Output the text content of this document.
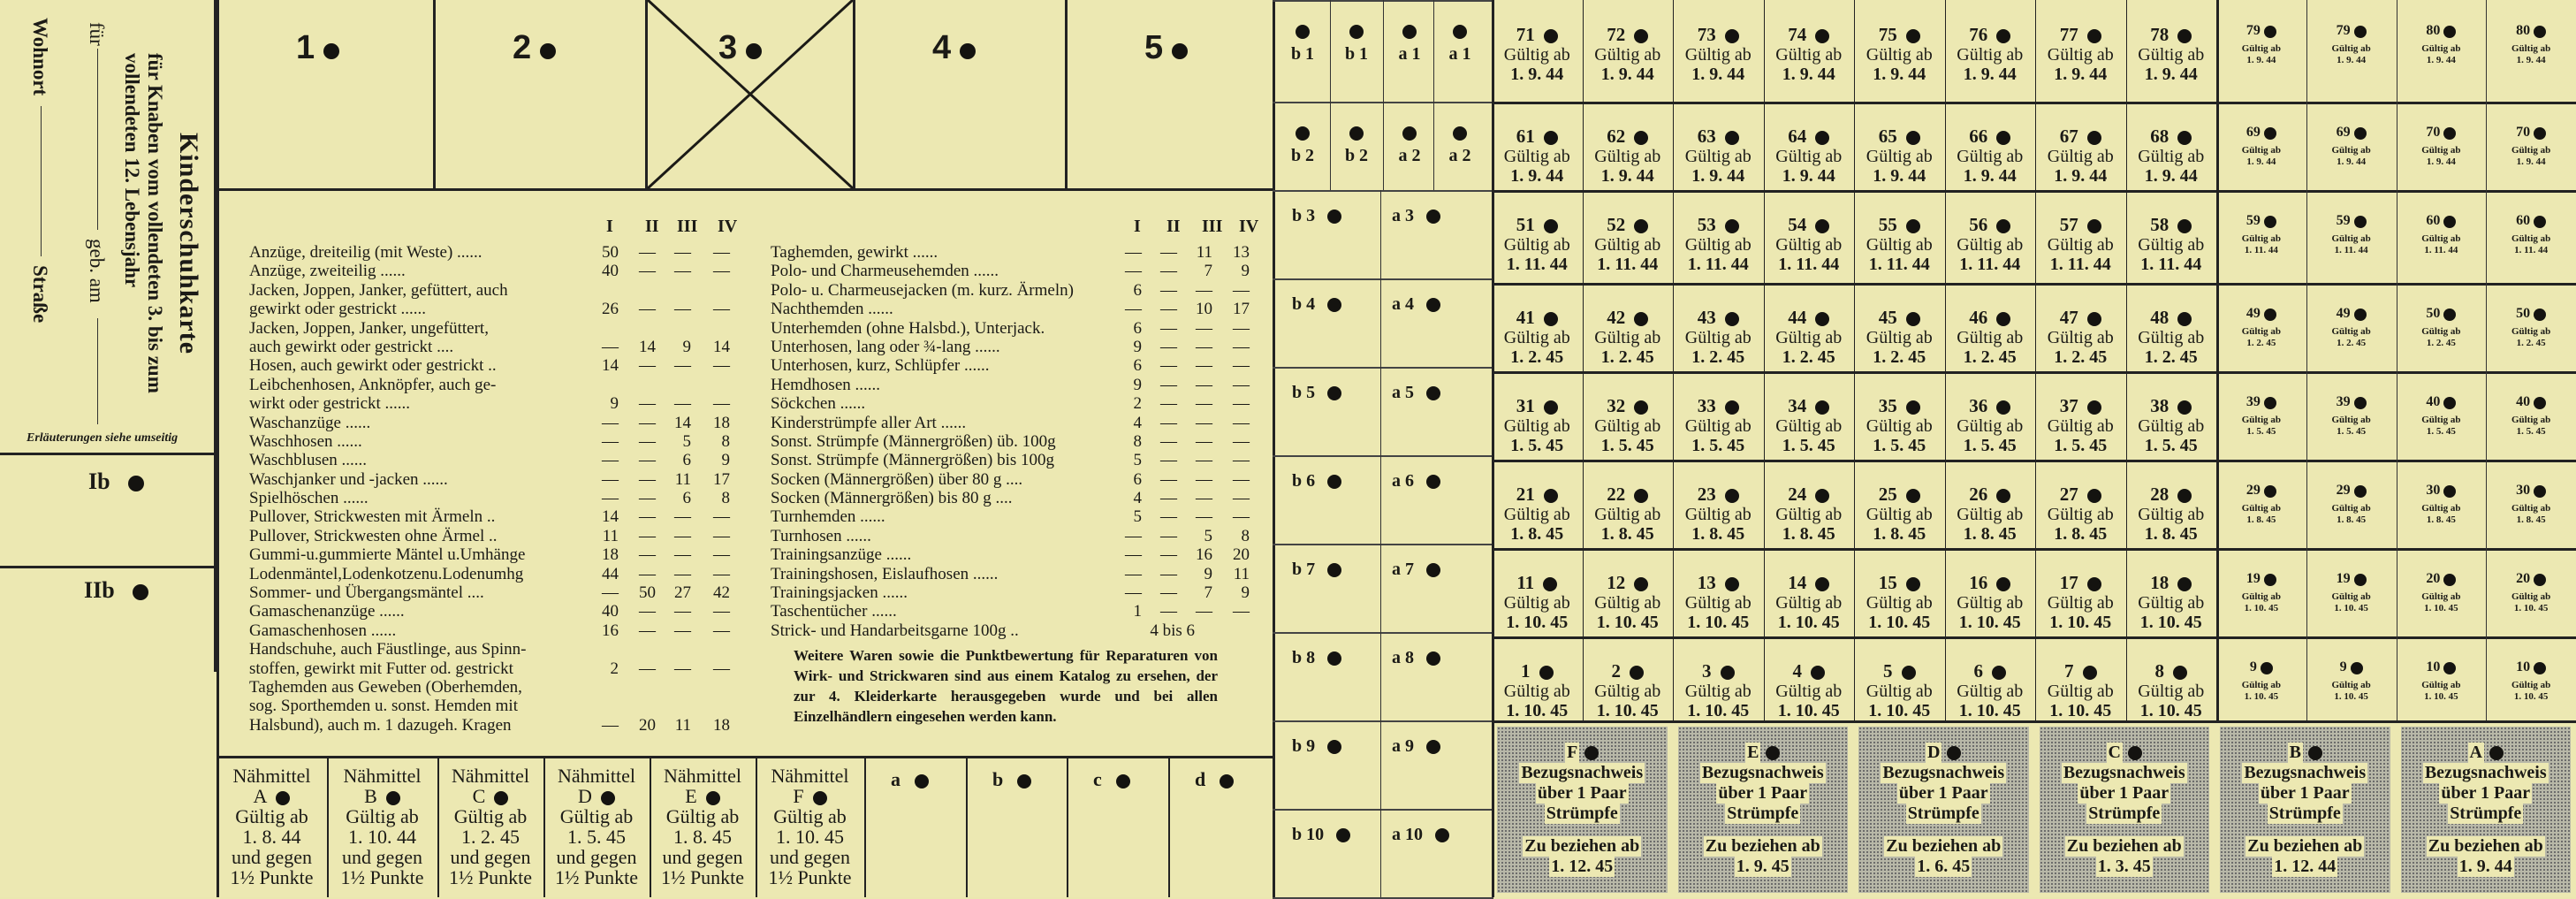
Kinderschuhkarte
für Knaben vom vollendeten 3. bis zum
vollendeten 12. Lebensjahr
für
geb. am
Wohnort
Straße
Erläuterungen siehe umseitig
Ib
IIb
1	2	3	4	5
I II III IV	I II III IV
Anzüge, dreiteilig (mit Weste) ......	50	—	—	—
Anzüge, zweiteilig ......	40	—	—	—
Jacken, Joppen, Janker, gefüttert, auch
gewirkt oder gestrickt ......	26	—	—	—
Jacken, Joppen, Janker, ungefüttert,
auch gewirkt oder gestrickt ....	—	14	9	14
Hosen, auch gewirkt oder gestrickt ..	14	—	—	—
Leibchenhosen, Anknöpfer, auch ge-
wirkt oder gestrickt ......	9	—	—	—
Waschanzüge ......	—	—	14	18
Waschhosen ......	—	—	5	8
Waschblusen ......	—	—	6	9
Waschjanker und -jacken ......	—	—	11	17
Spielhöschen ......	—	—	6	8
Pullover, Strickwesten mit Ärmeln ..	14	—	—	—
Pullover, Strickwesten ohne Ärmel ..	11	—	—	—
Gummi-u.gummierte Mäntel u.Umhänge	18	—	—	—
Lodenmäntel,Lodenkotzenu.Lodenumhg	44	—	—	—
Sommer- und Übergangsmäntel ....	—	50	27	42
Gamaschenanzüge ......	40	—	—	—
Gamaschenhosen ......	16	—	—	—
Handschuhe, auch Fäustlinge, aus Spinn-
stoffen, gewirkt mit Futter od. gestrickt	2	—	—	—
Taghemden aus Geweben (Oberhemden,
sog. Sporthemden u. sonst. Hemden mit
Halsbund), auch m. 1 dazugeh. Kragen	—	20	11	18
Taghemden, gewirkt ......	—	—	11	13
Polo- und Charmeusehemden ......	—	—	7	9
Polo- u. Charmeusejacken (m. kurz. Ärmeln)	6	—	—	—
Nachthemden ......	—	—	10	17
Unterhemden (ohne Halsbd.), Unterjack.	6	—	—	—
Unterhosen, lang oder ¾-lang ......	9	—	—	—
Unterhosen, kurz, Schlüpfer ......	6	—	—	—
Hemdhosen ......	9	—	—	—
Söckchen ......	2	—	—	—
Kinderstrümpfe aller Art ......	4	—	—	—
Sonst. Strümpfe (Männergrößen) üb. 100g	8	—	—	—
Sonst. Strümpfe (Männergrößen) bis 100g	5	—	—	—
Socken (Männergrößen) über 80 g ....	6	—	—	—
Socken (Männergrößen) bis 80 g ....	4	—	—	—
Turnhemden ......	5	—	—	—
Turnhosen ......	—	—	5	8
Trainingsanzüge ......	—	—	16	20
Trainingshosen, Eislaufhosen ......	—	—	9	11
Trainingsjacken ......	—	—	7	9
Taschentücher ......	1	—	—	—
Strick- und Handarbeitsgarne 100g ..	4 bis 6
Weitere Waren sowie die Punktbewertung für Reparaturen von Wirk- und Strickwaren sind aus einem Katalog zu ersehen, der zur 4. Kleiderkarte herausgegeben wurde und bei allen Einzelhändlern eingesehen werden kann.
Nähmittel
A
Gültig ab
1. 8. 44
und gegen
1½ Punkte
Nähmittel
B
Gültig ab
1. 10. 44
und gegen
1½ Punkte
Nähmittel
C
Gültig ab
1. 2. 45
und gegen
1½ Punkte
Nähmittel
D
Gültig ab
1. 5. 45
und gegen
1½ Punkte
Nähmittel
E
Gültig ab
1. 8. 45
und gegen
1½ Punkte
Nähmittel
F
Gültig ab
1. 10. 45
und gegen
1½ Punkte
a	b	c	d

b 1	b 1	a 1	a 1

b 2	b 2	a 2	a 2
b 3	a 3
b 4	a 4
b 5	a 5
b 6	a 6
b 7	a 7
b 8	a 8
b 9	a 9
b 10	a 10
71
Gültig ab
1. 9. 44
72
Gültig ab
1. 9. 44
73
Gültig ab
1. 9. 44
74
Gültig ab
1. 9. 44
75
Gültig ab
1. 9. 44
76
Gültig ab
1. 9. 44
77
Gültig ab
1. 9. 44
78
Gültig ab
1. 9. 44
79
Gültig ab
1. 9. 44
79
Gültig ab
1. 9. 44
80
Gültig ab
1. 9. 44
80
Gültig ab
1. 9. 44
61
Gültig ab
1. 9. 44
62
Gültig ab
1. 9. 44
63
Gültig ab
1. 9. 44
64
Gültig ab
1. 9. 44
65
Gültig ab
1. 9. 44
66
Gültig ab
1. 9. 44
67
Gültig ab
1. 9. 44
68
Gültig ab
1. 9. 44
69
Gültig ab
1. 9. 44
69
Gültig ab
1. 9. 44
70
Gültig ab
1. 9. 44
70
Gültig ab
1. 9. 44
51
Gültig ab
1. 11. 44
52
Gültig ab
1. 11. 44
53
Gültig ab
1. 11. 44
54
Gültig ab
1. 11. 44
55
Gültig ab
1. 11. 44
56
Gültig ab
1. 11. 44
57
Gültig ab
1. 11. 44
58
Gültig ab
1. 11. 44
59
Gültig ab
1. 11. 44
59
Gültig ab
1. 11. 44
60
Gültig ab
1. 11. 44
60
Gültig ab
1. 11. 44
41
Gültig ab
1. 2. 45
42
Gültig ab
1. 2. 45
43
Gültig ab
1. 2. 45
44
Gültig ab
1. 2. 45
45
Gültig ab
1. 2. 45
46
Gültig ab
1. 2. 45
47
Gültig ab
1. 2. 45
48
Gültig ab
1. 2. 45
49
Gültig ab
1. 2. 45
49
Gültig ab
1. 2. 45
50
Gültig ab
1. 2. 45
50
Gültig ab
1. 2. 45
31
Gültig ab
1. 5. 45
32
Gültig ab
1. 5. 45
33
Gültig ab
1. 5. 45
34
Gültig ab
1. 5. 45
35
Gültig ab
1. 5. 45
36
Gültig ab
1. 5. 45
37
Gültig ab
1. 5. 45
38
Gültig ab
1. 5. 45
39
Gültig ab
1. 5. 45
39
Gültig ab
1. 5. 45
40
Gültig ab
1. 5. 45
40
Gültig ab
1. 5. 45
21
Gültig ab
1. 8. 45
22
Gültig ab
1. 8. 45
23
Gültig ab
1. 8. 45
24
Gültig ab
1. 8. 45
25
Gültig ab
1. 8. 45
26
Gültig ab
1. 8. 45
27
Gültig ab
1. 8. 45
28
Gültig ab
1. 8. 45
29
Gültig ab
1. 8. 45
29
Gültig ab
1. 8. 45
30
Gültig ab
1. 8. 45
30
Gültig ab
1. 8. 45
11
Gültig ab
1. 10. 45
12
Gültig ab
1. 10. 45
13
Gültig ab
1. 10. 45
14
Gültig ab
1. 10. 45
15
Gültig ab
1. 10. 45
16
Gültig ab
1. 10. 45
17
Gültig ab
1. 10. 45
18
Gültig ab
1. 10. 45
19
Gültig ab
1. 10. 45
19
Gültig ab
1. 10. 45
20
Gültig ab
1. 10. 45
20
Gültig ab
1. 10. 45
1
Gültig ab
1. 10. 45
2
Gültig ab
1. 10. 45
3
Gültig ab
1. 10. 45
4
Gültig ab
1. 10. 45
5
Gültig ab
1. 10. 45
6
Gültig ab
1. 10. 45
7
Gültig ab
1. 10. 45
8
Gültig ab
1. 10. 45
9
Gültig ab
1. 10. 45
9
Gültig ab
1. 10. 45
10
Gültig ab
1. 10. 45
10
Gültig ab
1. 10. 45
F
Bezugsnachweis
über 1 Paar
Strümpfe
Zu beziehen ab
1. 12. 45
E
Bezugsnachweis
über 1 Paar
Strümpfe
Zu beziehen ab
1. 9. 45
D
Bezugsnachweis
über 1 Paar
Strümpfe
Zu beziehen ab
1. 6. 45
C
Bezugsnachweis
über 1 Paar
Strümpfe
Zu beziehen ab
1. 3. 45
B
Bezugsnachweis
über 1 Paar
Strümpfe
Zu beziehen ab
1. 12. 44
A
Bezugsnachweis
über 1 Paar
Strümpfe
Zu beziehen ab
1. 9. 44
